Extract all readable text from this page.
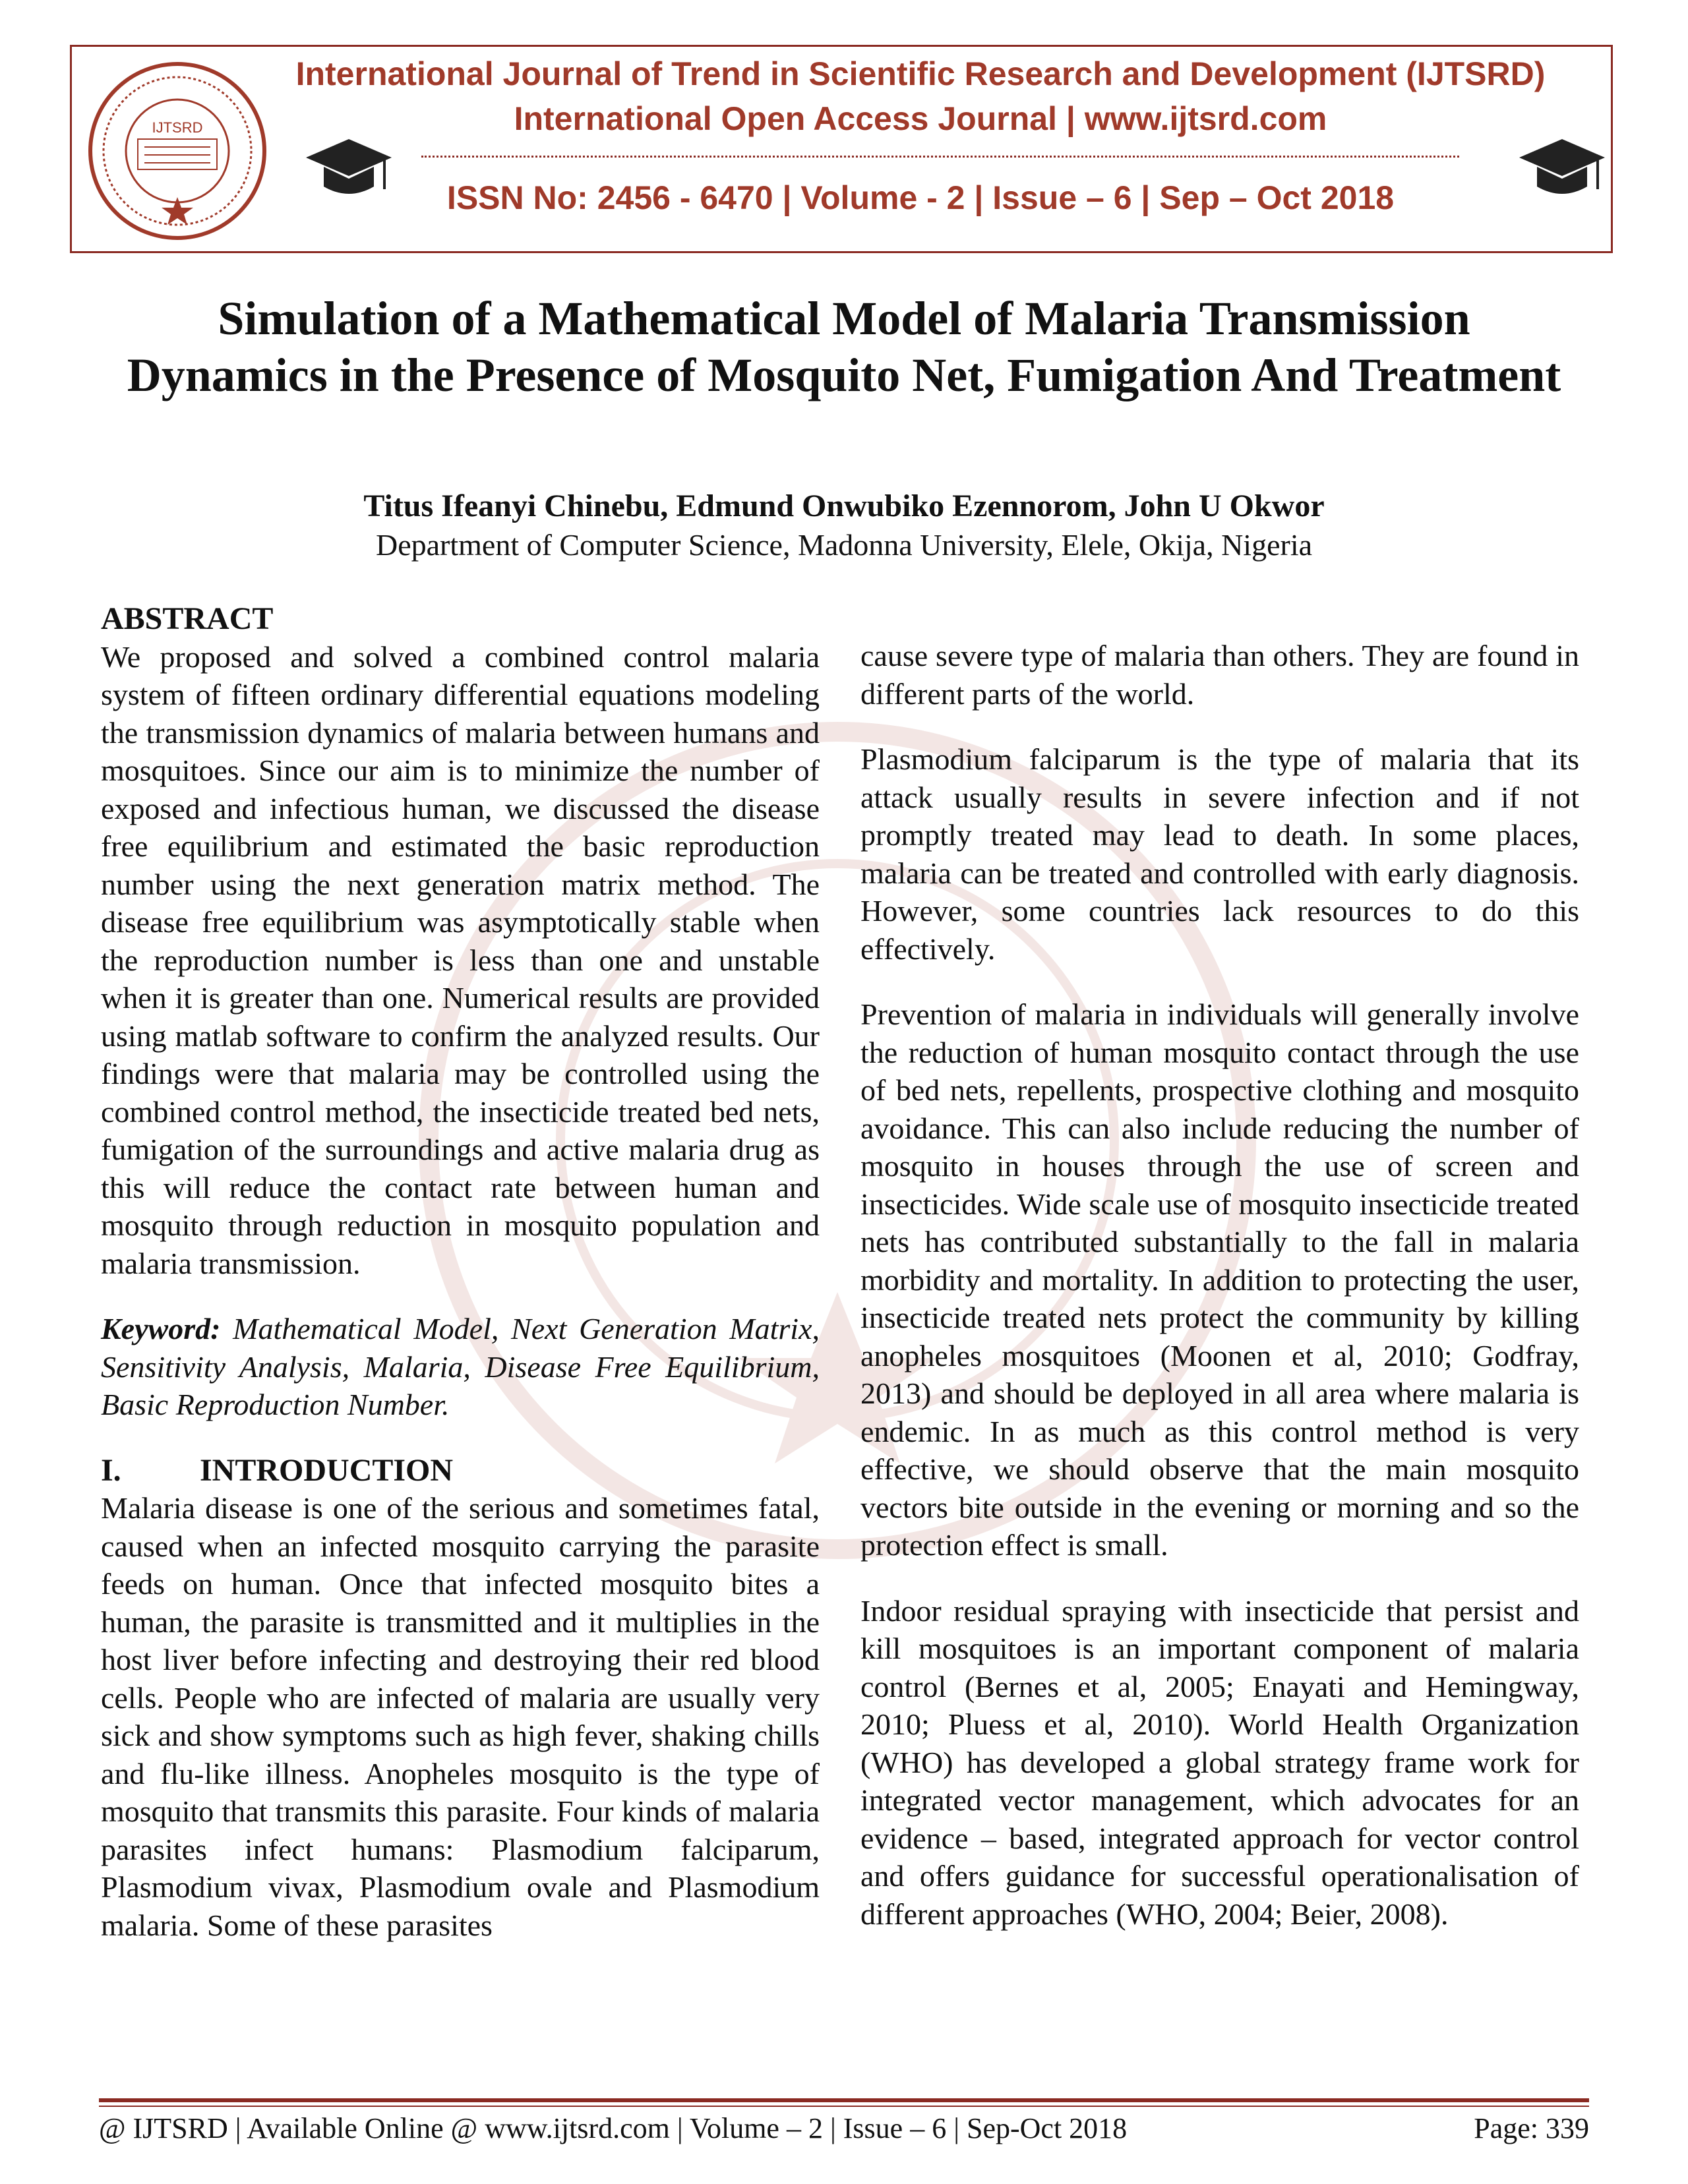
IJTSRD
International Journal of Trend in Scientific Research and Development (IJTSRD)
International Open Access Journal | www.ijtsrd.com
ISSN No: 2456 - 6470 | Volume - 2 | Issue – 6 | Sep – Oct 2018
Simulation of a Mathematical Model of Malaria Transmission Dynamics in the Presence of Mosquito Net, Fumigation And Treatment
Titus Ifeanyi Chinebu, Edmund Onwubiko Ezennorom, John U Okwor
Department of Computer Science, Madonna University, Elele, Okija, Nigeria

ABSTRACT

We proposed and solved a combined control malaria system of fifteen ordinary differential equations modeling the transmission dynamics of malaria between humans and mosquitoes. Since our aim is to minimize the number of exposed and infectious human, we discussed the disease free equilibrium and estimated the basic reproduction number using the next generation matrix method. The disease free equilibrium was asymptotically stable when the reproduction number is less than one and unstable when it is greater than one. Numerical results are provided using matlab software to confirm the analyzed results. Our findings were that malaria may be controlled using the combined control method, the insecticide treated bed nets, fumigation of the surroundings and active malaria drug as this will reduce the contact rate between human and mosquito through reduction in mosquito population and malaria transmission.

Keyword: Mathematical Model, Next Generation Matrix, Sensitivity Analysis, Malaria, Disease Free Equilibrium, Basic Reproduction Number.

I. INTRODUCTION

Malaria disease is one of the serious and sometimes fatal, caused when an infected mosquito carrying the parasite feeds on human. Once that infected mosquito bites a human, the parasite is transmitted and it multiplies in the host liver before infecting and destroying their red blood cells. People who are infected of malaria are usually very sick and show symptoms such as high fever, shaking chills and flu-like illness. Anopheles mosquito is the type of mosquito that transmits this parasite. Four kinds of malaria parasites infect humans: Plasmodium falciparum, Plasmodium vivax, Plasmodium ovale and Plasmodium malaria. Some of these parasites

cause severe type of malaria than others. They are found in different parts of the world.

Plasmodium falciparum is the type of malaria that its attack usually results in severe infection and if not promptly treated may lead to death. In some places, malaria can be treated and controlled with early diagnosis. However, some countries lack resources to do this effectively.

Prevention of malaria in individuals will generally involve the reduction of human mosquito contact through the use of bed nets, repellents, prospective clothing and mosquito avoidance. This can also include reducing the number of mosquito in houses through the use of screen and insecticides. Wide scale use of mosquito insecticide treated nets has contributed substantially to the fall in malaria morbidity and mortality. In addition to protecting the user, insecticide treated nets protect the community by killing anopheles mosquitoes (Moonen et al, 2010; Godfray, 2013) and should be deployed in all area where malaria is endemic. In as much as this control method is very effective, we should observe that the main mosquito vectors bite outside in the evening or morning and so the protection effect is small.

Indoor residual spraying with insecticide that persist and kill mosquitoes is an important component of malaria control (Bernes et al, 2005; Enayati and Hemingway, 2010; Pluess et al, 2010). World Health Organization (WHO) has developed a global strategy frame work for integrated vector management, which advocates for an evidence – based, integrated approach for vector control and offers guidance for successful operationalisation of different approaches (WHO, 2004; Beier, 2008).

@ IJTSRD | Available Online @ www.ijtsrd.com | Volume – 2 | Issue – 6 | Sep-Oct 2018	Page: 339
